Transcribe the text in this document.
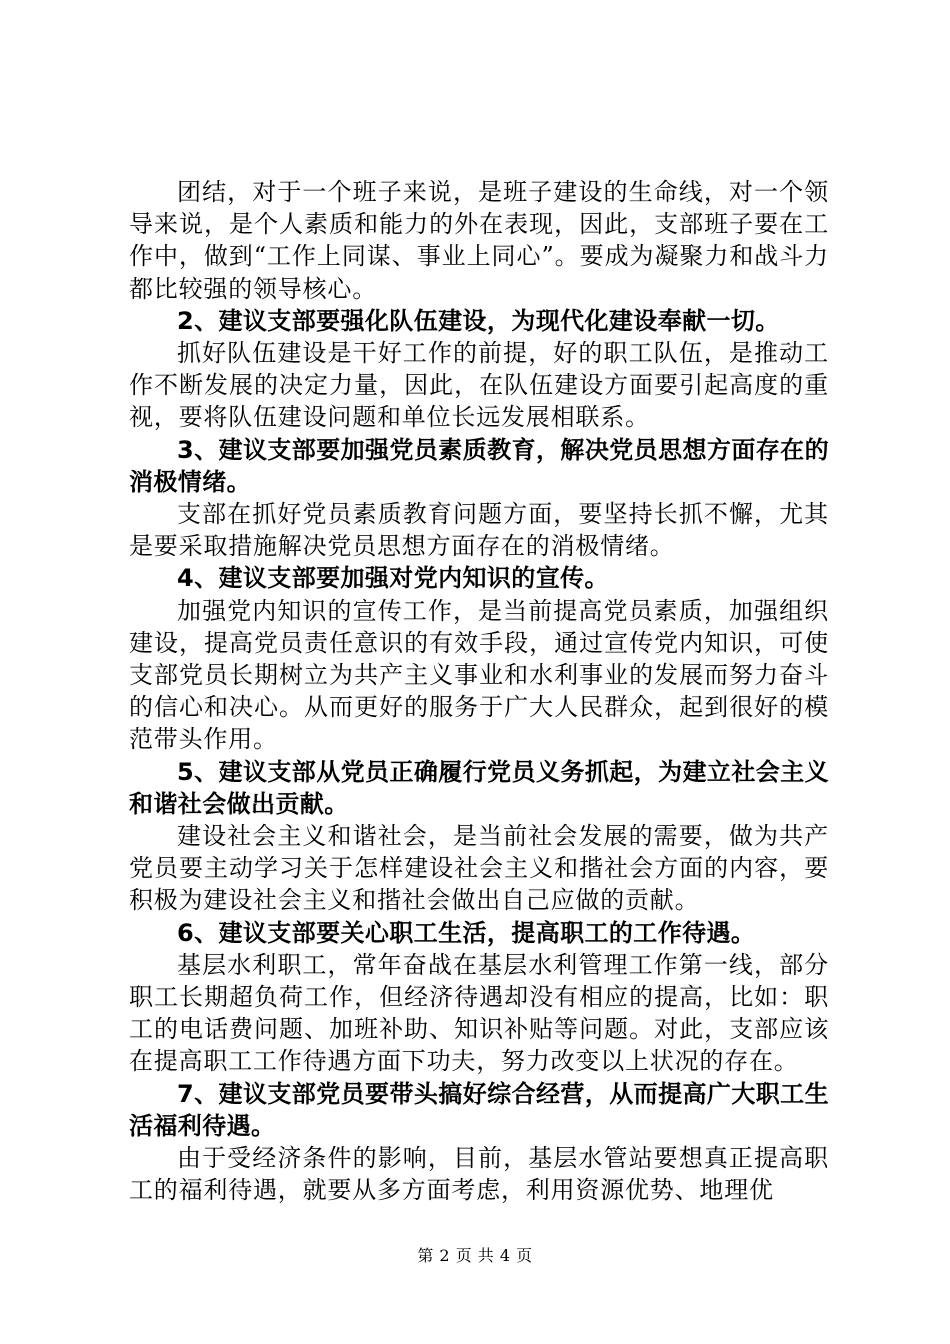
团结，对于一个班子来说，是班子建设的生命线，对一个领导来说，是个人素质和能力的外在表现，因此，支部班子要在工作中，做到“工作上同谋、事业上同心”。要成为凝聚力和战斗力都比较强的领导核心。

2、建议支部要强化队伍建设，为现代化建设奉献一切。

抓好队伍建设是干好工作的前提，好的职工队伍，是推动工作不断发展的决定力量，因此，在队伍建设方面要引起高度的重视，要将队伍建设问题和单位长远发展相联系。

3、建议支部要加强党员素质教育，解决党员思想方面存在的消极情绪。

支部在抓好党员素质教育问题方面，要坚持长抓不懈，尤其是要采取措施解决党员思想方面存在的消极情绪。

4、建议支部要加强对党内知识的宣传。

加强党内知识的宣传工作，是当前提高党员素质，加强组织建设，提高党员责任意识的有效手段，通过宣传党内知识，可使支部党员长期树立为共产主义事业和水利事业的发展而努力奋斗的信心和决心。从而更好的服务于广大人民群众，起到很好的模范带头作用。

5、建议支部从党员正确履行党员义务抓起，为建立社会主义和谐社会做出贡献。

建设社会主义和谐社会，是当前社会发展的需要，做为共产党员要主动学习关于怎样建设社会主义和揩社会方面的内容，要积极为建设社会主义和揩社会做出自己应做的贡献。

6、建议支部要关心职工生活，提高职工的工作待遇。

基层水利职工，常年奋战在基层水利管理工作第一线，部分职工长期超负荷工作，但经济待遇却没有相应的提高，比如：职工的电话费问题、加班补助、知识补贴等问题。对此，支部应该在提高职工工作待遇方面下功夫，努力改变以上状况的存在。

7、建议支部党员要带头搞好综合经营，从而提高广大职工生活福利待遇。

由于受经济条件的影响，目前，基层水管站要想真正提高职工的福利待遇，就要从多方面考虑，利用资源优势、地理优

第 2 页 共 4 页
